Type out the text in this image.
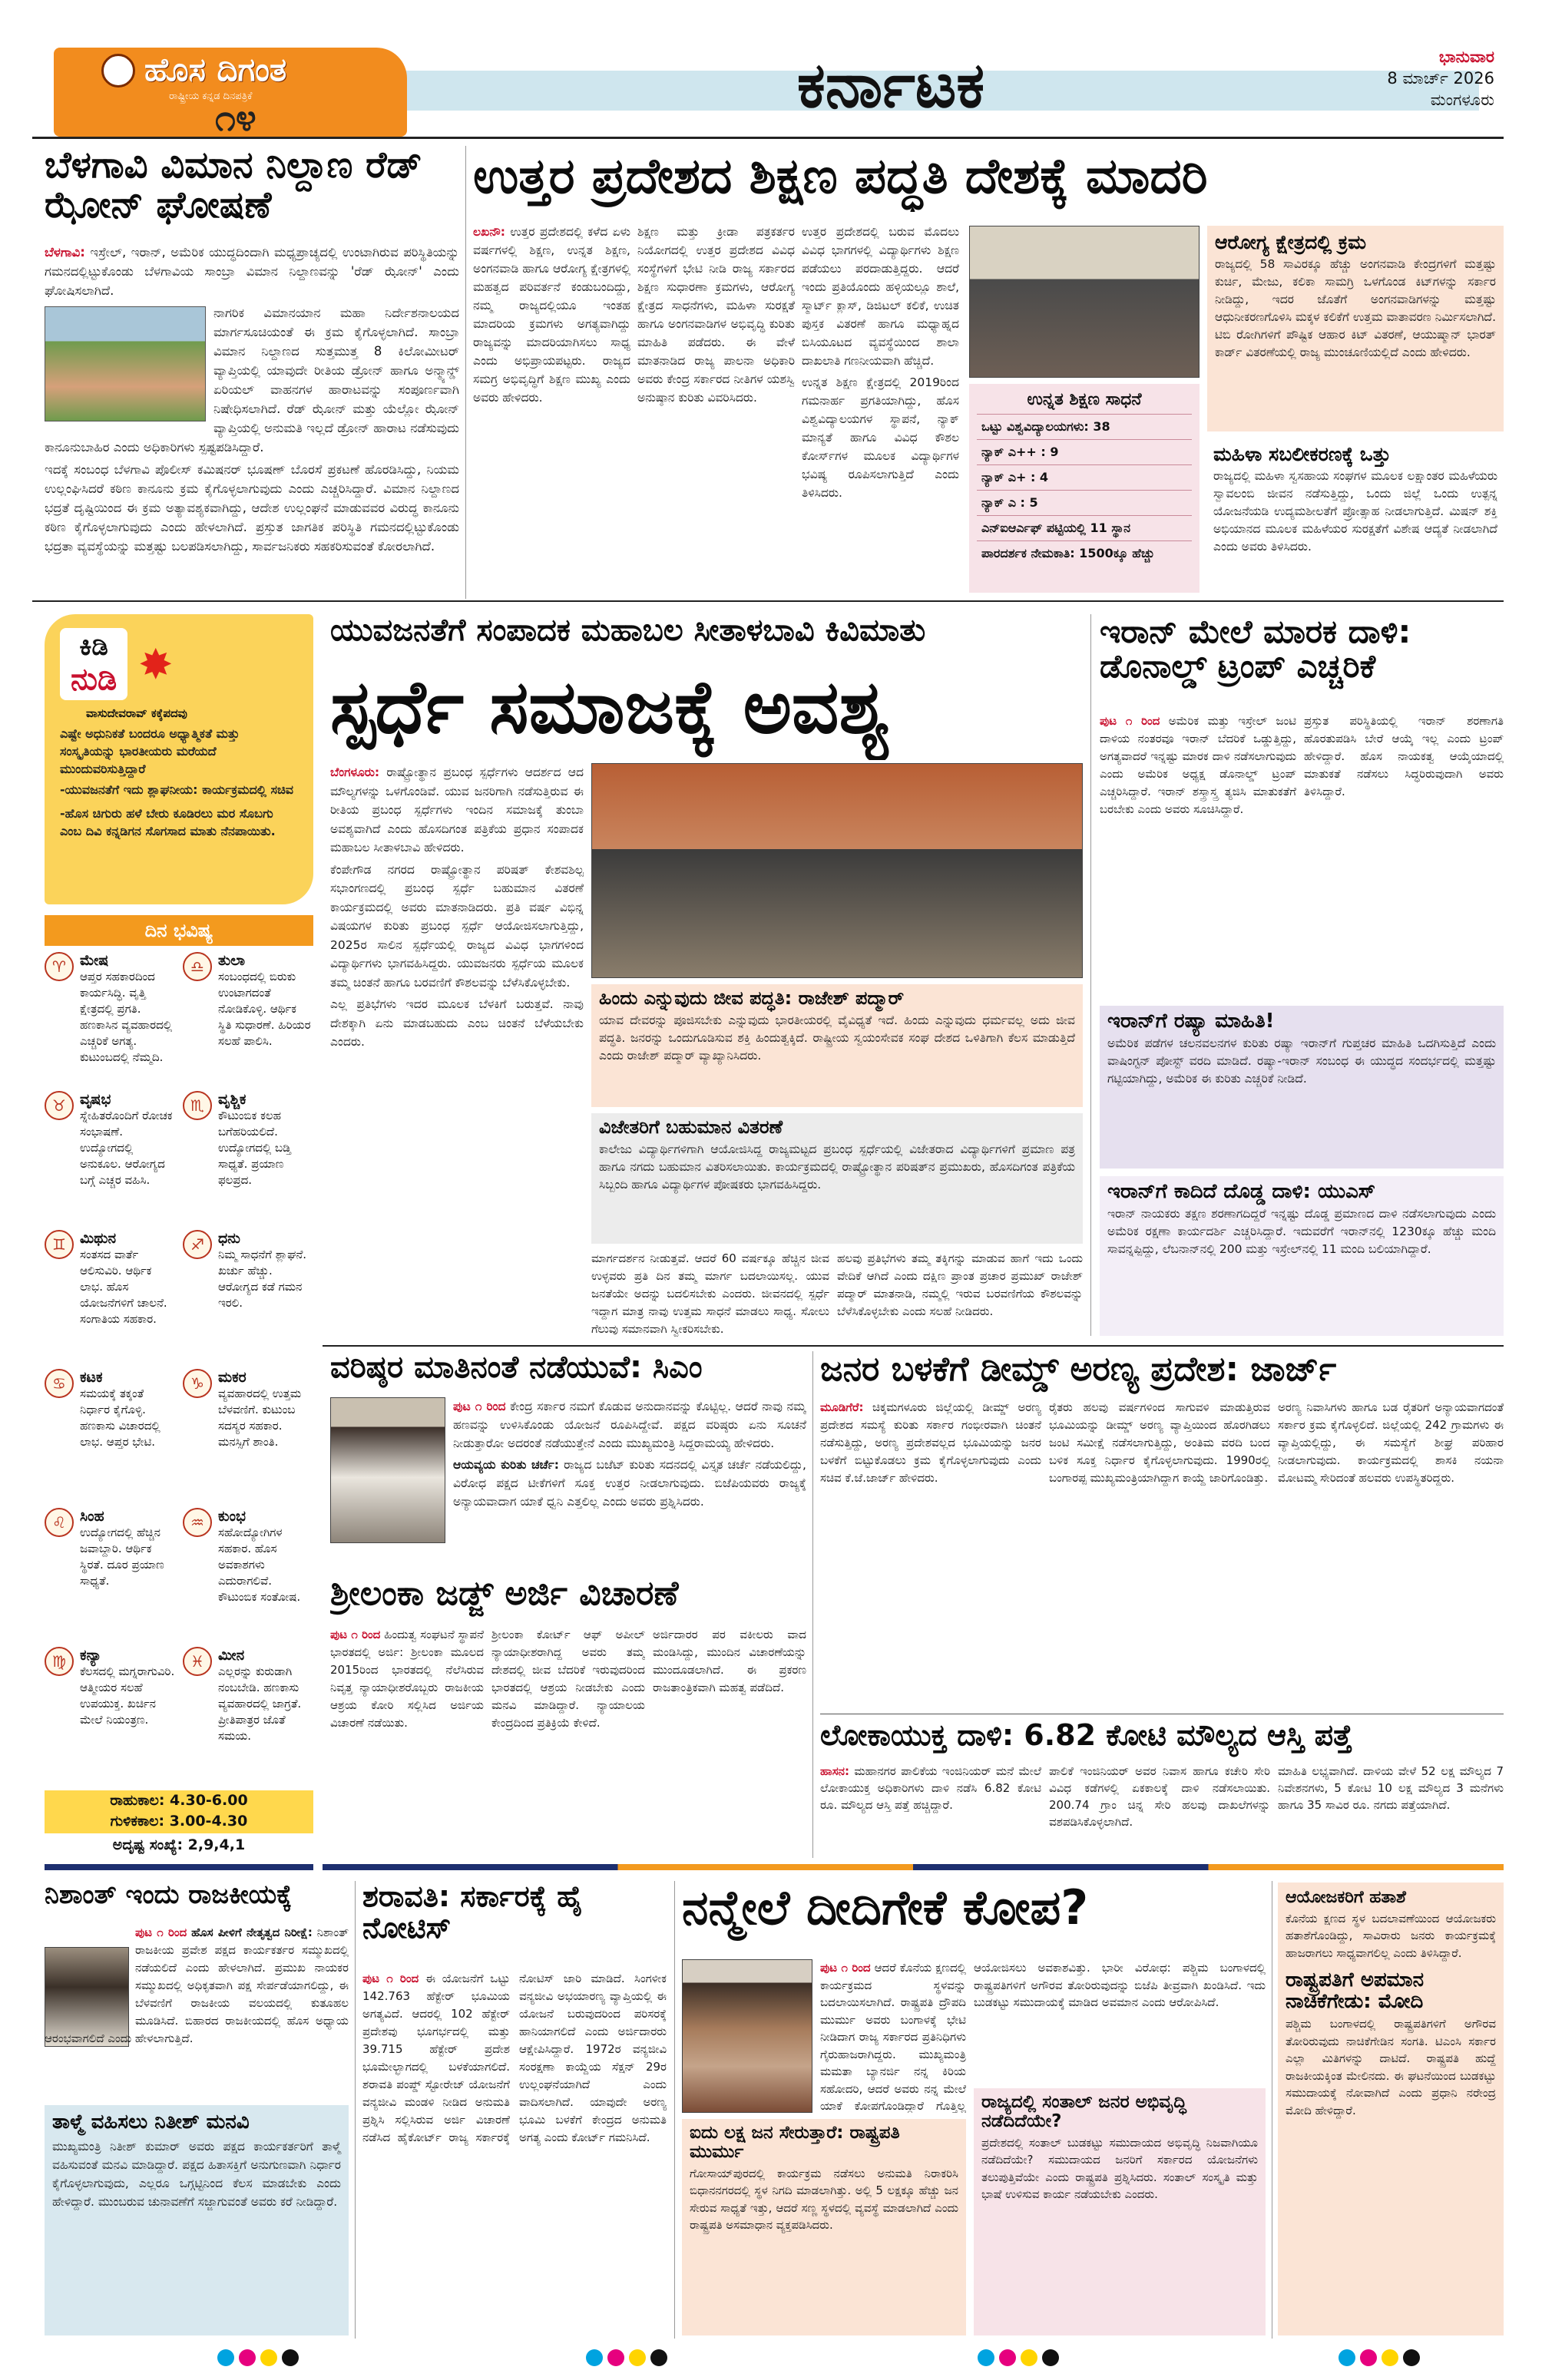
ಹೊಸ ದಿಗಂತ
ರಾಷ್ಟ್ರೀಯ ಕನ್ನಡ ದಿನಪತ್ರಿಕೆ
೧೪	ಕರ್ನಾಟಕ	ಭಾನುವಾರ
8 ಮಾರ್ಚ್ 2026
ಮಂಗಳೂರು
ಬೆಳಗಾವಿ ವಿಮಾನ ನಿಲ್ದಾಣ ರೆಡ್ ಝೋನ್ ಘೋಷಣೆ

ಬೆಳಗಾವಿ: ಇಸ್ರೇಲ್, ಇರಾನ್, ಅಮೆರಿಕ ಯುದ್ಧದಿಂದಾಗಿ ಮಧ್ಯಪ್ರಾಚ್ಯದಲ್ಲಿ ಉಂಟಾಗಿರುವ ಪರಿಸ್ಥಿತಿಯನ್ನು ಗಮನದಲ್ಲಿಟ್ಟುಕೊಂಡು ಬೆಳಗಾವಿಯ ಸಾಂಬ್ರಾ ವಿಮಾನ ನಿಲ್ದಾಣವನ್ನು 'ರೆಡ್ ಝೋನ್' ಎಂದು ಘೋಷಿಸಲಾಗಿದೆ.

ನಾಗರಿಕ ವಿಮಾನಯಾನ ಮಹಾ ನಿರ್ದೇಶನಾಲಯದ ಮಾರ್ಗಸೂಚಿಯಂತೆ ಈ ಕ್ರಮ ಕೈಗೊಳ್ಳಲಾಗಿದೆ. ಸಾಂಬ್ರಾ ವಿಮಾನ ನಿಲ್ದಾಣದ ಸುತ್ತಮುತ್ತ 8 ಕಿಲೋಮೀಟರ್ ವ್ಯಾಪ್ತಿಯಲ್ಲಿ ಯಾವುದೇ ರೀತಿಯ ಡ್ರೋನ್ ಹಾಗೂ ಅನ್ಮ್ಯಾನ್ಡ್ ಏರಿಯಲ್ ವಾಹನಗಳ ಹಾರಾಟವನ್ನು ಸಂಪೂರ್ಣವಾಗಿ ನಿಷೇಧಿಸಲಾಗಿದೆ. ರೆಡ್ ಝೋನ್ ಮತ್ತು ಯೆಲ್ಲೋ ಝೋನ್ ವ್ಯಾಪ್ತಿಯಲ್ಲಿ ಅನುಮತಿ ಇಲ್ಲದೆ ಡ್ರೋನ್ ಹಾರಾಟ ನಡೆಸುವುದು ಕಾನೂನುಬಾಹಿರ ಎಂದು ಅಧಿಕಾರಿಗಳು ಸ್ಪಷ್ಟಪಡಿಸಿದ್ದಾರೆ.

ಇದಕ್ಕೆ ಸಂಬಂಧ ಬೆಳಗಾವಿ ಪೊಲೀಸ್ ಕಮಿಷನರ್ ಭೂಷಣ್ ಬೊರಸೆ ಪ್ರಕಟಣೆ ಹೊರಡಿಸಿದ್ದು, ನಿಯಮ ಉಲ್ಲಂಘಿಸಿದರೆ ಕಠಿಣ ಕಾನೂನು ಕ್ರಮ ಕೈಗೊಳ್ಳಲಾಗುವುದು ಎಂದು ಎಚ್ಚರಿಸಿದ್ದಾರೆ. ವಿಮಾನ ನಿಲ್ದಾಣದ ಭದ್ರತೆ ದೃಷ್ಟಿಯಿಂದ ಈ ಕ್ರಮ ಅತ್ಯಾವಶ್ಯಕವಾಗಿದ್ದು, ಆದೇಶ ಉಲ್ಲಂಘನೆ ಮಾಡುವವರ ವಿರುದ್ಧ ಕಾನೂನು ಕಠಿಣ ಕೈಗೊಳ್ಳಲಾಗುವುದು ಎಂದು ಹೇಳಲಾಗಿದೆ. ಪ್ರಸ್ತುತ ಜಾಗತಿಕ ಪರಿಸ್ಥಿತಿ ಗಮನದಲ್ಲಿಟ್ಟುಕೊಂಡು ಭದ್ರತಾ ವ್ಯವಸ್ಥೆಯನ್ನು ಮತ್ತಷ್ಟು ಬಲಪಡಿಸಲಾಗಿದ್ದು, ಸಾರ್ವಜನಿಕರು ಸಹಕರಿಸುವಂತೆ ಕೋರಲಾಗಿದೆ.

ಉತ್ತರ ಪ್ರದೇಶದ ಶಿಕ್ಷಣ ಪದ್ಧತಿ ದೇಶಕ್ಕೆ ಮಾದರಿ

ಲಖನೌ: ಉತ್ತರ ಪ್ರದೇಶದಲ್ಲಿ ಕಳೆದ ಏಳು ವರ್ಷಗಳಲ್ಲಿ ಶಿಕ್ಷಣ, ಉನ್ನತ ಶಿಕ್ಷಣ, ಅಂಗನವಾಡಿ ಹಾಗೂ ಆರೋಗ್ಯ ಕ್ಷೇತ್ರಗಳಲ್ಲಿ ಮಹತ್ವದ ಪರಿವರ್ತನೆ ಕಂಡುಬಂದಿದ್ದು, ನಮ್ಮ ರಾಜ್ಯದಲ್ಲಿಯೂ ಇಂತಹ ಮಾದರಿಯ ಕ್ರಮಗಳು ಅಗತ್ಯವಾಗಿದ್ದು ರಾಜ್ಯವನ್ನು ಮಾದರಿಯಾಗಿಸಲು ಸಾಧ್ಯ ಎಂದು ಅಭಿಪ್ರಾಯಪಟ್ಟರು. ರಾಜ್ಯದ ಸಮಗ್ರ ಅಭಿವೃದ್ಧಿಗೆ ಶಿಕ್ಷಣ ಮುಖ್ಯ ಎಂದು ಅವರು ಹೇಳಿದರು.

ಶಿಕ್ಷಣ ಮತ್ತು ಕ್ರೀಡಾ ಪತ್ರಕರ್ತರ ನಿಯೋಗದಲ್ಲಿ ಉತ್ತರ ಪ್ರದೇಶದ ವಿವಿಧ ಸಂಸ್ಥೆಗಳಿಗೆ ಭೇಟಿ ನೀಡಿ ರಾಜ್ಯ ಸರ್ಕಾರದ ಶಿಕ್ಷಣ ಸುಧಾರಣಾ ಕ್ರಮಗಳು, ಆರೋಗ್ಯ ಕ್ಷೇತ್ರದ ಸಾಧನೆಗಳು, ಮಹಿಳಾ ಸುರಕ್ಷತೆ ಹಾಗೂ ಅಂಗನವಾಡಿಗಳ ಅಭಿವೃದ್ಧಿ ಕುರಿತು ಮಾಹಿತಿ ಪಡೆದರು. ಈ ವೇಳೆ ಮಾತನಾಡಿದ ರಾಜ್ಯ ಪಾಲನಾ ಅಧಿಕಾರಿ ಅವರು ಕೇಂದ್ರ ಸರ್ಕಾರದ ನೀತಿಗಳ ಯಶಸ್ವಿ ಅನುಷ್ಠಾನ ಕುರಿತು ವಿವರಿಸಿದರು.

ಉತ್ತರ ಪ್ರದೇಶದಲ್ಲಿ ಬರುವ ಮೊದಲು ವಿವಿಧ ಭಾಗಗಳಲ್ಲಿ ವಿದ್ಯಾರ್ಥಿಗಳು ಶಿಕ್ಷಣ ಪಡೆಯಲು ಪರದಾಡುತ್ತಿದ್ದರು. ಆದರೆ ಇಂದು ಪ್ರತಿಯೊಂದು ಹಳ್ಳಿಯಲ್ಲೂ ಶಾಲೆ, ಸ್ಮಾರ್ಟ್ ಕ್ಲಾಸ್, ಡಿಜಿಟಲ್ ಕಲಿಕೆ, ಉಚಿತ ಪುಸ್ತಕ ವಿತರಣೆ ಹಾಗೂ ಮಧ್ಯಾಹ್ನದ ಬಿಸಿಯೂಟದ ವ್ಯವಸ್ಥೆಯಿಂದ ಶಾಲಾ ದಾಖಲಾತಿ ಗಣನೀಯವಾಗಿ ಹೆಚ್ಚಿದೆ.

ಉನ್ನತ ಶಿಕ್ಷಣ ಕ್ಷೇತ್ರದಲ್ಲಿ 2019ರಿಂದ ಗಮನಾರ್ಹ ಪ್ರಗತಿಯಾಗಿದ್ದು, ಹೊಸ ವಿಶ್ವವಿದ್ಯಾಲಯಗಳ ಸ್ಥಾಪನೆ, ನ್ಯಾಕ್ ಮಾನ್ಯತೆ ಹಾಗೂ ವಿವಿಧ ಕೌಶಲ ಕೋರ್ಸ್‌ಗಳ ಮೂಲಕ ವಿದ್ಯಾರ್ಥಿಗಳ ಭವಿಷ್ಯ ರೂಪಿಸಲಾಗುತ್ತಿದೆ ಎಂದು ತಿಳಿಸಿದರು.

ಉನ್ನತ ಶಿಕ್ಷಣ ಸಾಧನೆ
ಒಟ್ಟು ವಿಶ್ವವಿದ್ಯಾಲಯಗಳು: 38
ನ್ಯಾಕ್ ಎ++ : 9
ನ್ಯಾಕ್ ಎ+ : 4
ನ್ಯಾಕ್ ಎ : 5
ಎನ್ಐಆರ್ಎಫ್ ಪಟ್ಟಿಯಲ್ಲಿ 11 ಸ್ಥಾನ
ಪಾರದರ್ಶಕ ನೇಮಕಾತಿ: 1500ಕ್ಕೂ ಹೆಚ್ಚು
ಆರೋಗ್ಯ ಕ್ಷೇತ್ರದಲ್ಲಿ ಕ್ರಮ
ರಾಜ್ಯದಲ್ಲಿ 58 ಸಾವಿರಕ್ಕೂ ಹೆಚ್ಚು ಅಂಗನವಾಡಿ ಕೇಂದ್ರಗಳಿಗೆ ಮತ್ತಷ್ಟು ಕುರ್ಚಿ, ಮೇಜು, ಕಲಿಕಾ ಸಾಮಗ್ರಿ ಒಳಗೊಂಡ ಕಿಟ್‌ಗಳನ್ನು ಸರ್ಕಾರ ನೀಡಿದ್ದು, ಇದರ ಜೊತೆಗೆ ಅಂಗನವಾಡಿಗಳನ್ನು ಮತ್ತಷ್ಟು ಆಧುನೀಕರಣಗೊಳಿಸಿ ಮಕ್ಕಳ ಕಲಿಕೆಗೆ ಉತ್ತಮ ವಾತಾವರಣ ನಿರ್ಮಿಸಲಾಗಿದೆ. ಟಿಬಿ ರೋಗಿಗಳಿಗೆ ಪೌಷ್ಟಿಕ ಆಹಾರ ಕಿಟ್ ವಿತರಣೆ, ಆಯುಷ್ಮಾನ್ ಭಾರತ್ ಕಾರ್ಡ್ ವಿತರಣೆಯಲ್ಲಿ ರಾಜ್ಯ ಮುಂಚೂಣಿಯಲ್ಲಿದೆ ಎಂದು ಹೇಳಿದರು.
ಮಹಿಳಾ ಸಬಲೀಕರಣಕ್ಕೆ ಒತ್ತು
ರಾಜ್ಯದಲ್ಲಿ ಮಹಿಳಾ ಸ್ವಸಹಾಯ ಸಂಘಗಳ ಮೂಲಕ ಲಕ್ಷಾಂತರ ಮಹಿಳೆಯರು ಸ್ವಾವಲಂಬಿ ಜೀವನ ನಡೆಸುತ್ತಿದ್ದು, ಒಂದು ಜಿಲ್ಲೆ ಒಂದು ಉತ್ಪನ್ನ ಯೋಜನೆಯಡಿ ಉದ್ಯಮಶೀಲತೆಗೆ ಪ್ರೋತ್ಸಾಹ ನೀಡಲಾಗುತ್ತಿದೆ. ಮಿಷನ್ ಶಕ್ತಿ ಅಭಿಯಾನದ ಮೂಲಕ ಮಹಿಳೆಯರ ಸುರಕ್ಷತೆಗೆ ವಿಶೇಷ ಆದ್ಯತೆ ನೀಡಲಾಗಿದೆ ಎಂದು ಅವರು ತಿಳಿಸಿದರು.
ಕಿಡಿ
ನುಡಿ ✸
ವಾಸುದೇವರಾವ್ ಕಕ್ಕೆಪದವು

ಎಷ್ಟೇ ಅಧುನಿಕತೆ ಬಂದರೂ ಅಧ್ಯಾತ್ಮಿಕತೆ ಮತ್ತು ಸಂಸ್ಕೃತಿಯನ್ನು ಭಾರತೀಯರು ಮರೆಯದೆ ಮುಂದುವರಿಸುತ್ತಿದ್ದಾರೆ

-ಯುವಜನತೆಗೆ ಇದು ಶ್ಲಾಘನೀಯ: ಕಾರ್ಯಕ್ರಮದಲ್ಲಿ ಸಚಿವ

-ಹೊಸ ಚಿಗುರು ಹಳೆ ಬೇರು ಕೂಡಿರಲು ಮರ ಸೊಬಗು ಎಂಬ ದಿವಿ ಕನ್ನಡಿಗನ ಸೊಗಸಾದ ಮಾತು ನೆನಪಾಯಿತು.

ದಿನ ಭವಿಷ್ಯ
♈ ಮೇಷ
ಆಪ್ತರ ಸಹಕಾರದಿಂದ ಕಾರ್ಯಸಿದ್ಧಿ. ವೃತ್ತಿ ಕ್ಷೇತ್ರದಲ್ಲಿ ಪ್ರಗತಿ. ಹಣಕಾಸಿನ ವ್ಯವಹಾರದಲ್ಲಿ ಎಚ್ಚರಿಕೆ ಅಗತ್ಯ. ಕುಟುಂಬದಲ್ಲಿ ನೆಮ್ಮದಿ.
♎ ತುಲಾ
ಸಂಬಂಧದಲ್ಲಿ ಬಿರುಕು ಉಂಟಾಗದಂತೆ ನೋಡಿಕೊಳ್ಳಿ. ಆರ್ಥಿಕ ಸ್ಥಿತಿ ಸುಧಾರಣೆ. ಹಿರಿಯರ ಸಲಹೆ ಪಾಲಿಸಿ.
♉ ವೃಷಭ
ಸ್ನೇಹಿತರೊಂದಿಗೆ ರೋಚಕ ಸಂಭಾಷಣೆ. ಉದ್ಯೋಗದಲ್ಲಿ ಅನುಕೂಲ. ಆರೋಗ್ಯದ ಬಗ್ಗೆ ಎಚ್ಚರ ವಹಿಸಿ.
♏ ವೃಶ್ಚಿಕ
ಕೌಟುಂಬಿಕ ಕಲಹ ಬಗೆಹರಿಯಲಿದೆ. ಉದ್ಯೋಗದಲ್ಲಿ ಬಡ್ತಿ ಸಾಧ್ಯತೆ. ಪ್ರಯಾಣ ಫಲಪ್ರದ.
♊ ಮಿಥುನ
ಸಂತಸದ ವಾರ್ತೆ ಆಲಿಸುವಿರಿ. ಆರ್ಥಿಕ ಲಾಭ. ಹೊಸ ಯೋಜನೆಗಳಿಗೆ ಚಾಲನೆ. ಸಂಗಾತಿಯ ಸಹಕಾರ.
♐ ಧನು
ನಿಮ್ಮ ಸಾಧನೆಗೆ ಶ್ಲಾಘನೆ. ಖರ್ಚು ಹೆಚ್ಚು. ಆರೋಗ್ಯದ ಕಡೆ ಗಮನ ಇರಲಿ.
♋ ಕಟಕ
ಸಮಯಕ್ಕೆ ತಕ್ಕಂತೆ ನಿರ್ಧಾರ ಕೈಗೊಳ್ಳಿ. ಹಣಕಾಸು ವಿಚಾರದಲ್ಲಿ ಲಾಭ. ಆಪ್ತರ ಭೇಟಿ.
♑ ಮಕರ
ವ್ಯವಹಾರದಲ್ಲಿ ಉತ್ತಮ ಬೆಳವಣಿಗೆ. ಕುಟುಂಬ ಸದಸ್ಯರ ಸಹಕಾರ. ಮನಸ್ಸಿಗೆ ಶಾಂತಿ.
♌ ಸಿಂಹ
ಉದ್ಯೋಗದಲ್ಲಿ ಹೆಚ್ಚಿನ ಜವಾಬ್ದಾರಿ. ಆರ್ಥಿಕ ಸ್ಥಿರತೆ. ದೂರ ಪ್ರಯಾಣ ಸಾಧ್ಯತೆ.
♒ ಕುಂಭ
ಸಹೋದ್ಯೋಗಿಗಳ ಸಹಕಾರ. ಹೊಸ ಅವಕಾಶಗಳು ಎದುರಾಗಲಿವೆ. ಕೌಟುಂಬಿಕ ಸಂತೋಷ.
♍ ಕನ್ಯಾ
ಕೆಲಸದಲ್ಲಿ ಮಗ್ನರಾಗುವಿರಿ. ಆತ್ಮೀಯರ ಸಲಹೆ ಉಪಯುಕ್ತ. ಖರ್ಚಿನ ಮೇಲೆ ನಿಯಂತ್ರಣ.
♓ ಮೀನ
ಎಲ್ಲರನ್ನು ಕುರುಡಾಗಿ ನಂಬಬೇಡಿ. ಹಣಕಾಸು ವ್ಯವಹಾರದಲ್ಲಿ ಜಾಗ್ರತೆ. ಪ್ರೀತಿಪಾತ್ರರ ಜೊತೆ ಸಮಯ.
ರಾಹುಕಾಲ: 4.30-6.00
ಗುಳಿಕಕಾಲ: 3.00-4.30
ಅದೃಷ್ಟ ಸಂಖ್ಯೆ: 2,9,4,1
ಯುವಜನತೆಗೆ ಸಂಪಾದಕ ಮಹಾಬಲ ಸೀತಾಳಬಾವಿ ಕಿವಿಮಾತು
ಸ್ಪರ್ಧೆ ಸಮಾಜಕ್ಕೆ ಅವಶ್ಯ

ಬೆಂಗಳೂರು: ರಾಷ್ಟ್ರೋತ್ಥಾನ ಪ್ರಬಂಧ ಸ್ಪರ್ಧೆಗಳು ಆದರ್ಶದ ಆದ ಮೌಲ್ಯಗಳನ್ನು ಒಳಗೊಂಡಿವೆ. ಯುವ ಜನರಿಗಾಗಿ ನಡೆಸುತ್ತಿರುವ ಈ ರೀತಿಯ ಪ್ರಬಂಧ ಸ್ಪರ್ಧೆಗಳು ಇಂದಿನ ಸಮಾಜಕ್ಕೆ ತುಂಬಾ ಅವಶ್ಯವಾಗಿದೆ ಎಂದು ಹೊಸದಿಗಂತ ಪತ್ರಿಕೆಯ ಪ್ರಧಾನ ಸಂಪಾದಕ ಮಹಾಬಲ ಸೀತಾಳಬಾವಿ ಹೇಳಿದರು.

ಕೆಂಪೇಗೌಡ ನಗರದ ರಾಷ್ಟ್ರೋತ್ಥಾನ ಪರಿಷತ್ ಕೇಶವಶಿಲ್ಪ ಸಭಾಂಗಣದಲ್ಲಿ ಪ್ರಬಂಧ ಸ್ಪರ್ಧೆ ಬಹುಮಾನ ವಿತರಣೆ ಕಾರ್ಯಕ್ರಮದಲ್ಲಿ ಅವರು ಮಾತನಾಡಿದರು. ಪ್ರತಿ ವರ್ಷ ವಿಭಿನ್ನ ವಿಷಯಗಳ ಕುರಿತು ಪ್ರಬಂಧ ಸ್ಪರ್ಧೆ ಆಯೋಜಿಸಲಾಗುತ್ತಿದ್ದು, 2025ರ ಸಾಲಿನ ಸ್ಪರ್ಧೆಯಲ್ಲಿ ರಾಜ್ಯದ ವಿವಿಧ ಭಾಗಗಳಿಂದ ವಿದ್ಯಾರ್ಥಿಗಳು ಭಾಗವಹಿಸಿದ್ದರು. ಯುವಜನರು ಸ್ಪರ್ಧೆಯ ಮೂಲಕ ತಮ್ಮ ಚಿಂತನೆ ಹಾಗೂ ಬರವಣಿಗೆ ಕೌಶಲವನ್ನು ಬೆಳೆಸಿಕೊಳ್ಳಬೇಕು.

ಎಲ್ಲ ಪ್ರತಿಭೆಗಳು ಇದರ ಮೂಲಕ ಬೆಳಕಿಗೆ ಬರುತ್ತವೆ. ನಾವು ದೇಶಕ್ಕಾಗಿ ಏನು ಮಾಡಬಹುದು ಎಂಬ ಚಿಂತನೆ ಬೆಳೆಯಬೇಕು ಎಂದರು.

ಹಿಂದು ಎನ್ನುವುದು ಜೀವ ಪದ್ಧತಿ: ರಾಜೇಶ್ ಪದ್ಮಾರ್
ಯಾವ ದೇವರನ್ನು ಪೂಜಿಸಬೇಕು ಎನ್ನುವುದು ಭಾರತೀಯರಲ್ಲಿ ವೈವಿಧ್ಯತೆ ಇದೆ. ಹಿಂದು ಎನ್ನುವುದು ಧರ್ಮವಲ್ಲ ಅದು ಜೀವ ಪದ್ಧತಿ. ಜನರನ್ನು ಒಂದುಗೂಡಿಸುವ ಶಕ್ತಿ ಹಿಂದುತ್ವಕ್ಕಿದೆ. ರಾಷ್ಟ್ರೀಯ ಸ್ವಯಂಸೇವಕ ಸಂಘ ದೇಶದ ಒಳಿತಿಗಾಗಿ ಕೆಲಸ ಮಾಡುತ್ತಿದೆ ಎಂದು ರಾಜೇಶ್ ಪದ್ಮಾರ್ ವ್ಯಾಖ್ಯಾನಿಸಿದರು.
ವಿಜೇತರಿಗೆ ಬಹುಮಾನ ವಿತರಣೆ
ಕಾಲೇಜು ವಿದ್ಯಾರ್ಥಿಗಳಿಗಾಗಿ ಆಯೋಜಿಸಿದ್ದ ರಾಜ್ಯಮಟ್ಟದ ಪ್ರಬಂಧ ಸ್ಪರ್ಧೆಯಲ್ಲಿ ವಿಜೇತರಾದ ವಿದ್ಯಾರ್ಥಿಗಳಿಗೆ ಪ್ರಮಾಣ ಪತ್ರ ಹಾಗೂ ನಗದು ಬಹುಮಾನ ವಿತರಿಸಲಾಯಿತು. ಕಾರ್ಯಕ್ರಮದಲ್ಲಿ ರಾಷ್ಟ್ರೋತ್ಥಾನ ಪರಿಷತ್‌ನ ಪ್ರಮುಖರು, ಹೊಸದಿಗಂತ ಪತ್ರಿಕೆಯ ಸಿಬ್ಬಂದಿ ಹಾಗೂ ವಿದ್ಯಾರ್ಥಿಗಳ ಪೋಷಕರು ಭಾಗವಹಿಸಿದ್ದರು.
ಮಾರ್ಗದರ್ಶನ ನೀಡುತ್ತವೆ. ಆದರೆ 60 ವರ್ಷಕ್ಕೂ ಹೆಚ್ಚಿನ ಜೀವ ಉಳ್ಳವರು ಪ್ರತಿ ದಿನ ತಮ್ಮ ಮಾರ್ಗ ಬದಲಾಯಿಸಲ್ಲ. ಯುವ ಜನತೆಯೇ ಅದನ್ನು ಬದಲಿಸಬೇಕು ಎಂದರು. ಜೀವನದಲ್ಲಿ ಸ್ಪರ್ಧೆ ಇದ್ದಾಗ ಮಾತ್ರ ನಾವು ಉತ್ತಮ ಸಾಧನೆ ಮಾಡಲು ಸಾಧ್ಯ. ಸೋಲು ಗೆಲುವು ಸಮಾನವಾಗಿ ಸ್ವೀಕರಿಸಬೇಕು.
ಹಲವು ಪ್ರತಿಭೆಗಳು ತಮ್ಮ ತಕ್ಕಿಗನ್ನು ಮಾಡುವ ಹಾಗೆ ಇದು ಒಂದು ವೇದಿಕೆ ಆಗಿದೆ ಎಂದು ದಕ್ಷಿಣ ಪ್ರಾಂತ ಪ್ರಚಾರ ಪ್ರಮುಖ್ ರಾಜೇಶ್ ಪದ್ಮಾರ್ ಮಾತನಾಡಿ, ನಮ್ಮಲ್ಲಿ ಇರುವ ಬರವಣಿಗೆಯ ಕೌಶಲವನ್ನು ಬೆಳೆಸಿಕೊಳ್ಳಬೇಕು ಎಂದು ಸಲಹೆ ನೀಡಿದರು.
ಇರಾನ್ ಮೇಲೆ ಮಾರಕ ದಾಳಿ: ಡೊನಾಲ್ಡ್ ಟ್ರಂಪ್ ಎಚ್ಚರಿಕೆ

ಪುಟ ೧ ರಿಂದ ಅಮೆರಿಕ ಮತ್ತು ಇಸ್ರೇಲ್ ಜಂಟಿ ದಾಳಿಯ ನಂತರವೂ ಇರಾನ್ ಬೆದರಿಕೆ ಒಡ್ಡುತ್ತಿದ್ದು, ಅಗತ್ಯವಾದರೆ ಇನ್ನಷ್ಟು ಮಾರಕ ದಾಳಿ ನಡೆಸಲಾಗುವುದು ಎಂದು ಅಮೆರಿಕ ಅಧ್ಯಕ್ಷ ಡೊನಾಲ್ಡ್ ಟ್ರಂಪ್ ಎಚ್ಚರಿಸಿದ್ದಾರೆ. ಇರಾನ್ ಶಸ್ತ್ರಾಸ್ತ್ರ ತ್ಯಜಿಸಿ ಮಾತುಕತೆಗೆ ಬರಬೇಕು ಎಂದು ಅವರು ಸೂಚಿಸಿದ್ದಾರೆ.

ಪ್ರಸ್ತುತ ಪರಿಸ್ಥಿತಿಯಲ್ಲಿ ಇರಾನ್ ಶರಣಾಗತಿ ಹೊರತುಪಡಿಸಿ ಬೇರೆ ಆಯ್ಕೆ ಇಲ್ಲ ಎಂದು ಟ್ರಂಪ್ ಹೇಳಿದ್ದಾರೆ. ಹೊಸ ನಾಯಕತ್ವ ಆಯ್ಕೆಯಾದಲ್ಲಿ ಮಾತುಕತೆ ನಡೆಸಲು ಸಿದ್ಧರಿರುವುದಾಗಿ ಅವರು ತಿಳಿಸಿದ್ದಾರೆ.

ಇರಾನ್‌ಗೆ ರಷ್ಯಾ ಮಾಹಿತಿ!
ಅಮೆರಿಕ ಪಡೆಗಳ ಚಲನವಲನಗಳ ಕುರಿತು ರಷ್ಯಾ ಇರಾನ್‌ಗೆ ಗುಪ್ತಚರ ಮಾಹಿತಿ ಒದಗಿಸುತ್ತಿದೆ ಎಂದು ವಾಷಿಂಗ್ಟನ್ ಪೋಸ್ಟ್ ವರದಿ ಮಾಡಿದೆ. ರಷ್ಯಾ-ಇರಾನ್ ಸಂಬಂಧ ಈ ಯುದ್ಧದ ಸಂದರ್ಭದಲ್ಲಿ ಮತ್ತಷ್ಟು ಗಟ್ಟಿಯಾಗಿದ್ದು, ಅಮೆರಿಕ ಈ ಕುರಿತು ಎಚ್ಚರಿಕೆ ನೀಡಿದೆ.
ಇರಾನ್‌ಗೆ ಕಾದಿದೆ ದೊಡ್ಡ ದಾಳಿ: ಯುಎಸ್
ಇರಾನ್ ನಾಯಕರು ತಕ್ಷಣ ಶರಣಾಗದಿದ್ದರೆ ಇನ್ನಷ್ಟು ದೊಡ್ಡ ಪ್ರಮಾಣದ ದಾಳಿ ನಡೆಸಲಾಗುವುದು ಎಂದು ಅಮೆರಿಕ ರಕ್ಷಣಾ ಕಾರ್ಯದರ್ಶಿ ಎಚ್ಚರಿಸಿದ್ದಾರೆ. ಇದುವರೆಗೆ ಇರಾನ್‌ನಲ್ಲಿ 1230ಕ್ಕೂ ಹೆಚ್ಚು ಮಂದಿ ಸಾವನ್ನಪ್ಪಿದ್ದು, ಲೆಬನಾನ್‌ನಲ್ಲಿ 200 ಮತ್ತು ಇಸ್ರೇಲ್‌ನಲ್ಲಿ 11 ಮಂದಿ ಬಲಿಯಾಗಿದ್ದಾರೆ.
ವರಿಷ್ಠರ ಮಾತಿನಂತೆ ನಡೆಯುವೆ: ಸಿಎಂ

ಪುಟ ೧ ರಿಂದ ಕೇಂದ್ರ ಸರ್ಕಾರ ನಮಗೆ ಕೊಡುವ ಅನುದಾನವನ್ನು ಕೊಟ್ಟಿಲ್ಲ. ಆದರೆ ನಾವು ನಮ್ಮ ಹಣವನ್ನು ಉಳಿಸಿಕೊಂಡು ಯೋಜನೆ ರೂಪಿಸಿದ್ದೇವೆ. ಪಕ್ಷದ ವರಿಷ್ಠರು ಏನು ಸೂಚನೆ ನೀಡುತ್ತಾರೋ ಅದರಂತೆ ನಡೆಯುತ್ತೇನೆ ಎಂದು ಮುಖ್ಯಮಂತ್ರಿ ಸಿದ್ದರಾಮಯ್ಯ ಹೇಳಿದರು.

ಆಯವ್ಯಯ ಕುರಿತು ಚರ್ಚೆ: ರಾಜ್ಯದ ಬಜೆಟ್ ಕುರಿತು ಸದನದಲ್ಲಿ ವಿಸ್ತೃತ ಚರ್ಚೆ ನಡೆಯಲಿದ್ದು, ವಿರೋಧ ಪಕ್ಷದ ಟೀಕೆಗಳಿಗೆ ಸೂಕ್ತ ಉತ್ತರ ನೀಡಲಾಗುವುದು. ಬಿಜೆಪಿಯವರು ರಾಜ್ಯಕ್ಕೆ ಅನ್ಯಾಯವಾದಾಗ ಯಾಕೆ ಧ್ವನಿ ಎತ್ತಲಿಲ್ಲ ಎಂದು ಅವರು ಪ್ರಶ್ನಿಸಿದರು.

ಶ್ರೀಲಂಕಾ ಜಡ್ಜ್ ಅರ್ಜಿ ವಿಚಾರಣೆ

ಪುಟ ೧ ರಿಂದ ಹಿಂದುತ್ವ ಸಂಘಟನೆ ಸ್ಥಾಪನೆ ಭಾರತದಲ್ಲಿ ಅರ್ಜಿ: ಶ್ರೀಲಂಕಾ ಮೂಲದ 2015ರಿಂದ ಭಾರತದಲ್ಲಿ ನೆಲೆಸಿರುವ ನಿವೃತ್ತ ನ್ಯಾಯಾಧೀಶರೊಬ್ಬರು ರಾಜಕೀಯ ಆಶ್ರಯ ಕೋರಿ ಸಲ್ಲಿಸಿದ ಅರ್ಜಿಯ ವಿಚಾರಣೆ ನಡೆಯಿತು.

ಶ್ರೀಲಂಕಾ ಕೋರ್ಟ್ ಆಫ್ ಅಪೀಲ್ ನ್ಯಾಯಾಧೀಶರಾಗಿದ್ದ ಅವರು ತಮ್ಮ ದೇಶದಲ್ಲಿ ಜೀವ ಬೆದರಿಕೆ ಇರುವುದರಿಂದ ಭಾರತದಲ್ಲಿ ಆಶ್ರಯ ನೀಡಬೇಕು ಎಂದು ಮನವಿ ಮಾಡಿದ್ದಾರೆ. ನ್ಯಾಯಾಲಯ ಕೇಂದ್ರದಿಂದ ಪ್ರತಿಕ್ರಿಯೆ ಕೇಳಿದೆ.
ಅರ್ಜಿದಾರರ ಪರ ವಕೀಲರು ವಾದ ಮಂಡಿಸಿದ್ದು, ಮುಂದಿನ ವಿಚಾರಣೆಯನ್ನು ಮುಂದೂಡಲಾಗಿದೆ. ಈ ಪ್ರಕರಣ ರಾಜತಾಂತ್ರಿಕವಾಗಿ ಮಹತ್ವ ಪಡೆದಿದೆ.
ಜನರ ಬಳಕೆಗೆ ಡೀಮ್ಡ್ ಅರಣ್ಯ ಪ್ರದೇಶ: ಜಾರ್ಜ್

ಮೂಡಿಗೆರೆ: ಚಿಕ್ಕಮಗಳೂರು ಜಿಲ್ಲೆಯಲ್ಲಿ ಡೀಮ್ಡ್ ಅರಣ್ಯ ಪ್ರದೇಶದ ಸಮಸ್ಯೆ ಕುರಿತು ಸರ್ಕಾರ ಗಂಭೀರವಾಗಿ ಚಿಂತನೆ ನಡೆಸುತ್ತಿದ್ದು, ಅರಣ್ಯ ಪ್ರದೇಶವಲ್ಲದ ಭೂಮಿಯನ್ನು ಜನರ ಬಳಕೆಗೆ ಬಿಟ್ಟುಕೊಡಲು ಕ್ರಮ ಕೈಗೊಳ್ಳಲಾಗುವುದು ಎಂದು ಸಚಿವ ಕೆ.ಜೆ.ಜಾರ್ಜ್ ಹೇಳಿದರು.

ರೈತರು ಹಲವು ವರ್ಷಗಳಿಂದ ಸಾಗುವಳಿ ಮಾಡುತ್ತಿರುವ ಭೂಮಿಯನ್ನು ಡೀಮ್ಡ್ ಅರಣ್ಯ ವ್ಯಾಪ್ತಿಯಿಂದ ಹೊರಗಿಡಲು ಜಂಟಿ ಸಮೀಕ್ಷೆ ನಡೆಸಲಾಗುತ್ತಿದ್ದು, ಅಂತಿಮ ವರದಿ ಬಂದ ಬಳಿಕ ಸೂಕ್ತ ನಿರ್ಧಾರ ಕೈಗೊಳ್ಳಲಾಗುವುದು. 1990ರಲ್ಲಿ ಬಂಗಾರಪ್ಪ ಮುಖ್ಯಮಂತ್ರಿಯಾಗಿದ್ದಾಗ ಕಾಯ್ದೆ ಜಾರಿಗೊಂಡಿತ್ತು.
ಅರಣ್ಯ ನಿವಾಸಿಗಳು ಹಾಗೂ ಬಡ ರೈತರಿಗೆ ಅನ್ಯಾಯವಾಗದಂತೆ ಸರ್ಕಾರ ಕ್ರಮ ಕೈಗೊಳ್ಳಲಿದೆ. ಜಿಲ್ಲೆಯಲ್ಲಿ 242 ಗ್ರಾಮಗಳು ಈ ವ್ಯಾಪ್ತಿಯಲ್ಲಿದ್ದು, ಈ ಸಮಸ್ಯೆಗೆ ಶೀಘ್ರ ಪರಿಹಾರ ನೀಡಲಾಗುವುದು. ಕಾರ್ಯಕ್ರಮದಲ್ಲಿ ಶಾಸಕಿ ನಯನಾ ಮೋಟಮ್ಮ ಸೇರಿದಂತೆ ಹಲವರು ಉಪಸ್ಥಿತರಿದ್ದರು.
ಲೋಕಾಯುಕ್ತ ದಾಳಿ: 6.82 ಕೋಟಿ ಮೌಲ್ಯದ ಆಸ್ತಿ ಪತ್ತೆ

ಹಾಸನ: ಮಹಾನಗರ ಪಾಲಿಕೆಯ ಇಂಜಿನಿಯರ್ ಮನೆ ಮೇಲೆ ಲೋಕಾಯುಕ್ತ ಅಧಿಕಾರಿಗಳು ದಾಳಿ ನಡೆಸಿ 6.82 ಕೋಟಿ ರೂ. ಮೌಲ್ಯದ ಆಸ್ತಿ ಪತ್ತೆ ಹಚ್ಚಿದ್ದಾರೆ.

ಪಾಲಿಕೆ ಇಂಜಿನಿಯರ್ ಅವರ ನಿವಾಸ ಹಾಗೂ ಕಚೇರಿ ಸೇರಿ ವಿವಿಧ ಕಡೆಗಳಲ್ಲಿ ಏಕಕಾಲಕ್ಕೆ ದಾಳಿ ನಡೆಸಲಾಯಿತು. 200.74 ಗ್ರಾಂ ಚಿನ್ನ ಸೇರಿ ಹಲವು ದಾಖಲೆಗಳನ್ನು ವಶಪಡಿಸಿಕೊಳ್ಳಲಾಗಿದೆ.
ಮಾಹಿತಿ ಲಭ್ಯವಾಗಿದೆ. ದಾಳಿಯ ವೇಳೆ 52 ಲಕ್ಷ ಮೌಲ್ಯದ 7 ನಿವೇಶನಗಳು, 5 ಕೋಟಿ 10 ಲಕ್ಷ ಮೌಲ್ಯದ 3 ಮನೆಗಳು ಹಾಗೂ 35 ಸಾವಿರ ರೂ. ನಗದು ಪತ್ತೆಯಾಗಿದೆ.
ನಿಶಾಂತ್ ಇಂದು ರಾಜಕೀಯಕ್ಕೆ

ಪುಟ ೧ ರಿಂದ ಹೊಸ ಪೀಳಿಗೆ ನೇತೃತ್ವದ ನಿರೀಕ್ಷೆ: ನಿಶಾಂತ್ ರಾಜಕೀಯ ಪ್ರವೇಶ ಪಕ್ಷದ ಕಾರ್ಯಕರ್ತರ ಸಮ್ಮುಖದಲ್ಲಿ ನಡೆಯಲಿದೆ ಎಂದು ಹೇಳಲಾಗಿದೆ. ಪ್ರಮುಖ ನಾಯಕರ ಸಮ್ಮುಖದಲ್ಲಿ ಅಧಿಕೃತವಾಗಿ ಪಕ್ಷ ಸೇರ್ಪಡೆಯಾಗಲಿದ್ದು, ಈ ಬೆಳವಣಿಗೆ ರಾಜಕೀಯ ವಲಯದಲ್ಲಿ ಕುತೂಹಲ ಮೂಡಿಸಿದೆ. ಬಿಹಾರದ ರಾಜಕೀಯದಲ್ಲಿ ಹೊಸ ಅಧ್ಯಾಯ ಆರಂಭವಾಗಲಿದೆ ಎಂದು ಹೇಳಲಾಗುತ್ತಿದೆ.

ತಾಳ್ಮೆ ವಹಿಸಲು ನಿತೀಶ್ ಮನವಿ
ಮುಖ್ಯಮಂತ್ರಿ ನಿತೀಶ್ ಕುಮಾರ್ ಅವರು ಪಕ್ಷದ ಕಾರ್ಯಕರ್ತರಿಗೆ ತಾಳ್ಮೆ ವಹಿಸುವಂತೆ ಮನವಿ ಮಾಡಿದ್ದಾರೆ. ಪಕ್ಷದ ಹಿತಾಸಕ್ತಿಗೆ ಅನುಗುಣವಾಗಿ ನಿರ್ಧಾರ ಕೈಗೊಳ್ಳಲಾಗುವುದು, ಎಲ್ಲರೂ ಒಗ್ಗಟ್ಟಿನಿಂದ ಕೆಲಸ ಮಾಡಬೇಕು ಎಂದು ಹೇಳಿದ್ದಾರೆ. ಮುಂಬರುವ ಚುನಾವಣೆಗೆ ಸಜ್ಜಾಗುವಂತೆ ಅವರು ಕರೆ ನೀಡಿದ್ದಾರೆ.
ಶರಾವತಿ: ಸರ್ಕಾರಕ್ಕೆ ಹೈ ನೋಟಿಸ್

ಪುಟ ೧ ರಿಂದ ಈ ಯೋಜನೆಗೆ ಒಟ್ಟು 142.763 ಹೆಕ್ಟೇರ್ ಭೂಮಿಯ ಅಗತ್ಯವಿದೆ. ಆದರಲ್ಲಿ 102 ಹೆಕ್ಟೇರ್ ಪ್ರದೇಶವು ಭೂಗರ್ಭದಲ್ಲಿ ಮತ್ತು 39.715 ಹೆಕ್ಟೇರ್ ಪ್ರದೇಶ ಭೂಮೇಲ್ಭಾಗದಲ್ಲಿ ಬಳಕೆಯಾಗಲಿದೆ. ಶರಾವತಿ ಪಂಪ್ಡ್ ಸ್ಟೋರೇಜ್ ಯೋಜನೆಗೆ ವನ್ಯಜೀವಿ ಮಂಡಳಿ ನೀಡಿದ ಅನುಮತಿ ಪ್ರಶ್ನಿಸಿ ಸಲ್ಲಿಸಿರುವ ಅರ್ಜಿ ವಿಚಾರಣೆ ನಡೆಸಿದ ಹೈಕೋರ್ಟ್ ರಾಜ್ಯ ಸರ್ಕಾರಕ್ಕೆ ನೋಟಿಸ್ ಜಾರಿ ಮಾಡಿದೆ. ಸಿಂಗಳೀಕ ವನ್ಯಜೀವಿ ಅಭಯಾರಣ್ಯ ವ್ಯಾಪ್ತಿಯಲ್ಲಿ ಈ ಯೋಜನೆ ಬರುವುದರಿಂದ ಪರಿಸರಕ್ಕೆ ಹಾನಿಯಾಗಲಿದೆ ಎಂದು ಅರ್ಜಿದಾರರು ಆಕ್ಷೇಪಿಸಿದ್ದಾರೆ. 1972ರ ವನ್ಯಜೀವಿ ಸಂರಕ್ಷಣಾ ಕಾಯ್ದೆಯ ಸೆಕ್ಷನ್ 29ರ ಉಲ್ಲಂಘನೆಯಾಗಿದೆ ಎಂದು ವಾದಿಸಲಾಗಿದೆ. ಯಾವುದೇ ಅರಣ್ಯ ಭೂಮಿ ಬಳಕೆಗೆ ಕೇಂದ್ರದ ಅನುಮತಿ ಅಗತ್ಯ ಎಂದು ಕೋರ್ಟ್ ಗಮನಿಸಿದೆ.

ನನ್ಮೇಲೆ ದೀದಿಗೇಕೆ ಕೋಪ?

ಪುಟ ೧ ರಿಂದ ಆದರೆ ಕೊನೆಯ ಕ್ಷಣದಲ್ಲಿ ಕಾರ್ಯಕ್ರಮದ ಸ್ಥಳವನ್ನು ಬದಲಾಯಿಸಲಾಗಿದೆ. ರಾಷ್ಟ್ರಪತಿ ದ್ರೌಪದಿ ಮುರ್ಮು ಅವರು ಬಂಗಾಳಕ್ಕೆ ಭೇಟಿ ನೀಡಿದಾಗ ರಾಜ್ಯ ಸರ್ಕಾರದ ಪ್ರತಿನಿಧಿಗಳು ಗೈರುಹಾಜರಾಗಿದ್ದರು. ಮುಖ್ಯಮಂತ್ರಿ ಮಮತಾ ಬ್ಯಾನರ್ಜಿ ನನ್ನ ಕಿರಿಯ ಸಹೋದರಿ, ಆದರೆ ಅವರು ನನ್ನ ಮೇಲೆ ಯಾಕೆ ಕೋಪಗೊಂಡಿದ್ದಾರೆ ಗೊತ್ತಿಲ್ಲ

ಆಯೋಜಿಸಲು ಅವಕಾಶವಿತ್ತು. ಭಾರೀ ವಿರೋಧ: ಪಶ್ಚಿಮ ಬಂಗಾಳದಲ್ಲಿ ರಾಷ್ಟ್ರಪತಿಗಳಿಗೆ ಅಗೌರವ ತೋರಿರುವುದನ್ನು ಬಿಜೆಪಿ ತೀವ್ರವಾಗಿ ಖಂಡಿಸಿದೆ. ಇದು ಬುಡಕಟ್ಟು ಸಮುದಾಯಕ್ಕೆ ಮಾಡಿದ ಅವಮಾನ ಎಂದು ಆರೋಪಿಸಿದೆ.
ಐದು ಲಕ್ಷ ಜನ ಸೇರುತ್ತಾರೆ: ರಾಷ್ಟ್ರಪತಿ ಮುರ್ಮು
ಗೋಸಾಯ್‌ಪುರದಲ್ಲಿ ಕಾರ್ಯಕ್ರಮ ನಡೆಸಲು ಅನುಮತಿ ನಿರಾಕರಿಸಿ ಬಿಧಾನನಗರದಲ್ಲಿ ಸ್ಥಳ ನಿಗದಿ ಮಾಡಲಾಗಿತ್ತು. ಅಲ್ಲಿ 5 ಲಕ್ಷಕ್ಕೂ ಹೆಚ್ಚು ಜನ ಸೇರುವ ಸಾಧ್ಯತೆ ಇತ್ತು, ಆದರೆ ಸಣ್ಣ ಸ್ಥಳದಲ್ಲಿ ವ್ಯವಸ್ಥೆ ಮಾಡಲಾಗಿದೆ ಎಂದು ರಾಷ್ಟ್ರಪತಿ ಅಸಮಾಧಾನ ವ್ಯಕ್ತಪಡಿಸಿದರು.
ರಾಜ್ಯದಲ್ಲಿ ಸಂತಾಲ್ ಜನರ ಅಭಿವೃದ್ಧಿ ನಡೆದಿದೆಯೇ?
ಪ್ರದೇಶದಲ್ಲಿ ಸಂತಾಲ್ ಬುಡಕಟ್ಟು ಸಮುದಾಯದ ಅಭಿವೃದ್ಧಿ ನಿಜವಾಗಿಯೂ ನಡೆದಿದೆಯೇ? ಸಮುದಾಯದ ಜನರಿಗೆ ಸರ್ಕಾರದ ಯೋಜನೆಗಳು ತಲುಪುತ್ತಿವೆಯೇ ಎಂದು ರಾಷ್ಟ್ರಪತಿ ಪ್ರಶ್ನಿಸಿದರು. ಸಂತಾಲ್ ಸಂಸ್ಕೃತಿ ಮತ್ತು ಭಾಷೆ ಉಳಿಸುವ ಕಾರ್ಯ ನಡೆಯಬೇಕು ಎಂದರು.
ಆಯೋಜಕರಿಗೆ ಹತಾಶೆ
ಕೊನೆಯ ಕ್ಷಣದ ಸ್ಥಳ ಬದಲಾವಣೆಯಿಂದ ಆಯೋಜಕರು ಹತಾಶೆಗೊಂಡಿದ್ದು, ಸಾವಿರಾರು ಜನರು ಕಾರ್ಯಕ್ರಮಕ್ಕೆ ಹಾಜರಾಗಲು ಸಾಧ್ಯವಾಗಲಿಲ್ಲ ಎಂದು ತಿಳಿಸಿದ್ದಾರೆ.
ರಾಷ್ಟ್ರಪತಿಗೆ ಅಪಮಾನ ನಾಚಿಕೆಗೇಡು: ಮೋದಿ
ಪಶ್ಚಿಮ ಬಂಗಾಳದಲ್ಲಿ ರಾಷ್ಟ್ರಪತಿಗಳಿಗೆ ಅಗೌರವ ತೋರಿರುವುದು ನಾಚಿಕೆಗೇಡಿನ ಸಂಗತಿ. ಟಿಎಂಸಿ ಸರ್ಕಾರ ಎಲ್ಲಾ ಮಿತಿಗಳನ್ನು ದಾಟಿದೆ. ರಾಷ್ಟ್ರಪತಿ ಹುದ್ದೆ ರಾಜಕೀಯಕ್ಕಿಂತ ಮೇಲಿನದು. ಈ ಘಟನೆಯಿಂದ ಬುಡಕಟ್ಟು ಸಮುದಾಯಕ್ಕೆ ನೋವಾಗಿದೆ ಎಂದು ಪ್ರಧಾನಿ ನರೇಂದ್ರ ಮೋದಿ ಹೇಳಿದ್ದಾರೆ.
